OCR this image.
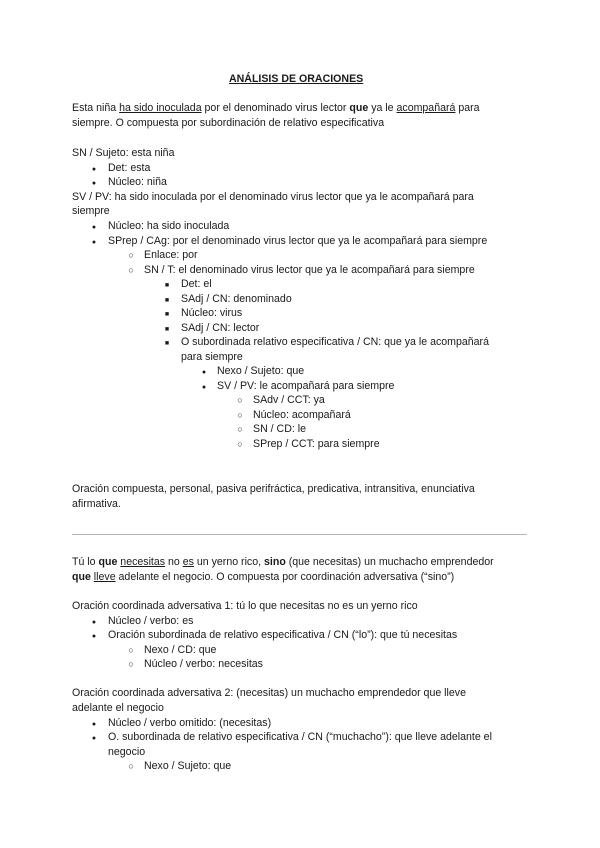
ANÁLISIS DE ORACIONES
Esta niña ha sido inoculada por el denominado virus lector que ya le acompañará para
siempre. O compuesta por subordinación de relativo especificativa
SN / Sujeto: esta niña
●
Det: esta
●
Núcleo: niña
SV / PV: ha sido inoculada por el denominado virus lector que ya le acompañará para
siempre
●
Núcleo: ha sido inoculada
●
SPrep / CAg: por el denominado virus lector que ya le acompañará para siempre
○
Enlace: por
○
SN / T: el denominado virus lector que ya le acompañará para siempre
■
Det: el
■
SAdj / CN: denominado
■
Núcleo: virus
■
SAdj / CN: lector
■
O subordinada relativo especificativa / CN: que ya le acompañará
para siempre
●
Nexo / Sujeto: que
●
SV / PV: le acompañará para siempre
○
SAdv / CCT: ya
○
Núcleo: acompañará
○
SN / CD: le
○
SPrep / CCT: para siempre
Oración compuesta, personal, pasiva perifráctica, predicativa, intransitiva, enunciativa
afirmativa.
Tú lo que necesitas no es un yerno rico, sino (que necesitas) un muchacho emprendedor
que lleve adelante el negocio. O compuesta por coordinación adversativa (“sino”)
Oración coordinada adversativa 1: tú lo que necesitas no es un yerno rico
●
Núcleo / verbo: es
●
Oración subordinada de relativo especificativa / CN (“lo”): que tú necesitas
○
Nexo / CD: que
○
Núcleo / verbo: necesitas
Oración coordinada adversativa 2: (necesitas) un muchacho emprendedor que lleve
adelante el negocio
●
Núcleo / verbo omitido: (necesitas)
●
O. subordinada de relativo especificativa / CN (“muchacho”): que lleve adelante el
negocio
○
Nexo / Sujeto: que
